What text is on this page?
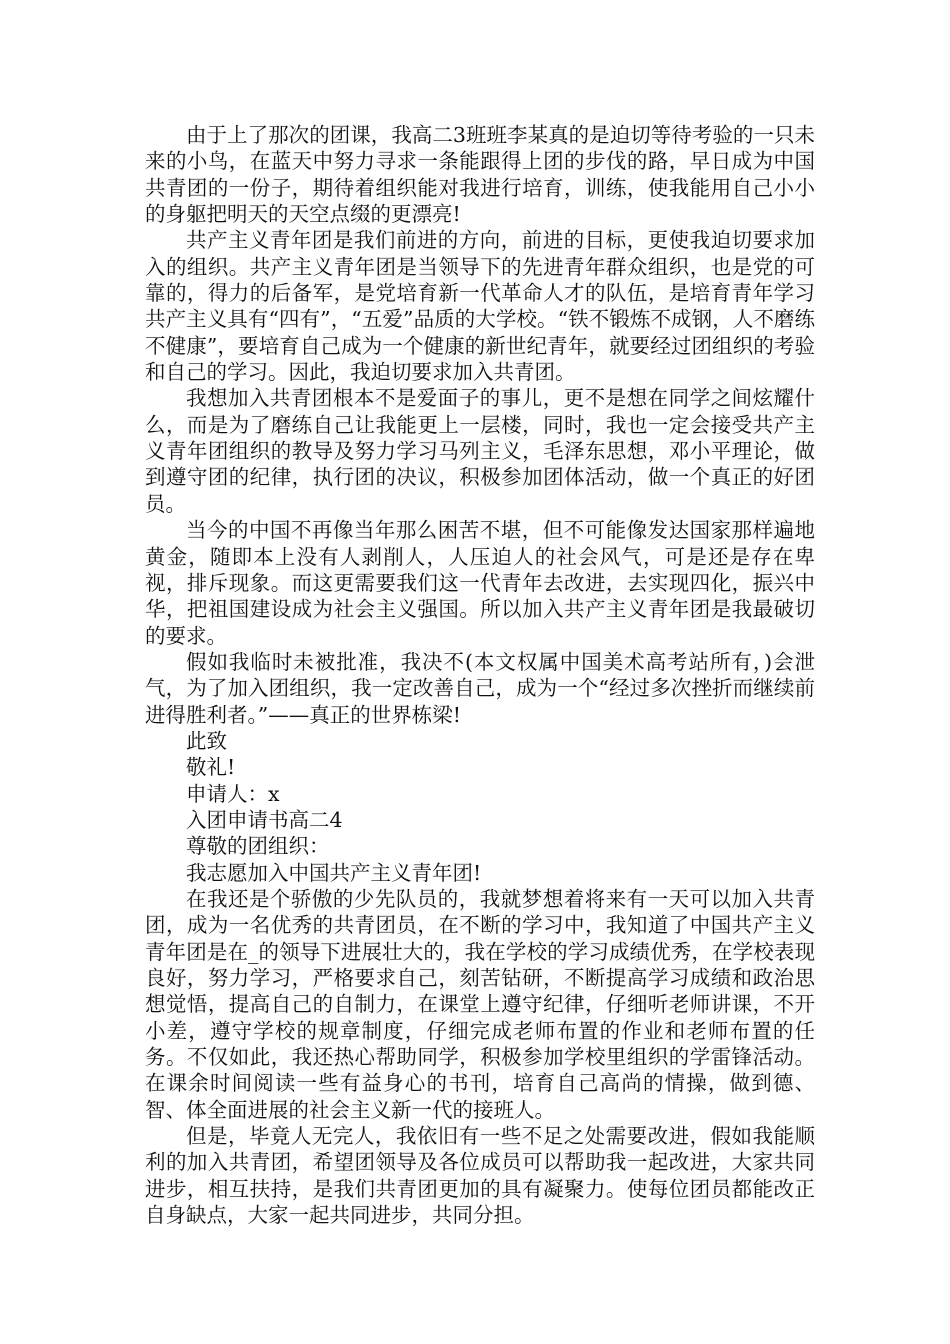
由于上了那次的团课，我高二3班班李某真的是迫切等待考验的一只未来的小鸟，在蓝天中努力寻求一条能跟得上团的步伐的路，早日成为中国共青团的一份子，期待着组织能对我进行培育，训练，使我能用自己小小的身躯把明天的天空点缀的更漂亮!

共产主义青年团是我们前进的方向，前进的目标，更使我迫切要求加入的组织。共产主义青年团是当领导下的先进青年群众组织，也是党的可靠的，得力的后备军，是党培育新一代革命人才的队伍，是培育青年学习共产主义具有“四有”，“五爱”品质的大学校。“铁不锻炼不成钢，人不磨练不健康”，要培育自己成为一个健康的新世纪青年，就要经过团组织的考验和自己的学习。因此，我迫切要求加入共青团。

我想加入共青团根本不是爱面子的事儿，更不是想在同学之间炫耀什么，而是为了磨练自己让我能更上一层楼，同时，我也一定会接受共产主义青年团组织的教导及努力学习马列主义，毛泽东思想，邓小平理论，做到遵守团的纪律，执行团的决议，积极参加团体活动，做一个真正的好团员。

当今的中国不再像当年那么困苦不堪，但不可能像发达国家那样遍地黄金，随即本上没有人剥削人，人压迫人的社会风气，可是还是存在卑视，排斥现象。而这更需要我们这一代青年去改进，去实现四化，振兴中华，把祖国建设成为社会主义强国。所以加入共产主义青年团是我最破切的要求。

假如我临时未被批准，我决不(本文权属中国美术高考站所有，)会泄气，为了加入团组织，我一定改善自己，成为一个“经过多次挫折而继续前进得胜利者。”——真正的世界栋梁!

此致

敬礼!

申请人：x

入团申请书高二4

尊敬的团组织：

我志愿加入中国共产主义青年团!

在我还是个骄傲的少先队员的，我就梦想着将来有一天可以加入共青团，成为一名优秀的共青团员，在不断的学习中，我知道了中国共产主义青年团是在_的领导下进展壮大的，我在学校的学习成绩优秀，在学校表现良好，努力学习，严格要求自己，刻苦钻研，不断提高学习成绩和政治思想觉悟，提高自己的自制力，在课堂上遵守纪律，仔细听老师讲课，不开小差，遵守学校的规章制度，仔细完成老师布置的作业和老师布置的任务。不仅如此，我还热心帮助同学，积极参加学校里组织的学雷锋活动。在课余时间阅读一些有益身心的书刊，培育自己高尚的情操，做到德、智、体全面进展的社会主义新一代的接班人。

但是，毕竟人无完人，我依旧有一些不足之处需要改进，假如我能顺利的加入共青团，希望团领导及各位成员可以帮助我一起改进，大家共同进步，相互扶持，是我们共青团更加的具有凝聚力。使每位团员都能改正自身缺点，大家一起共同进步，共同分担。
